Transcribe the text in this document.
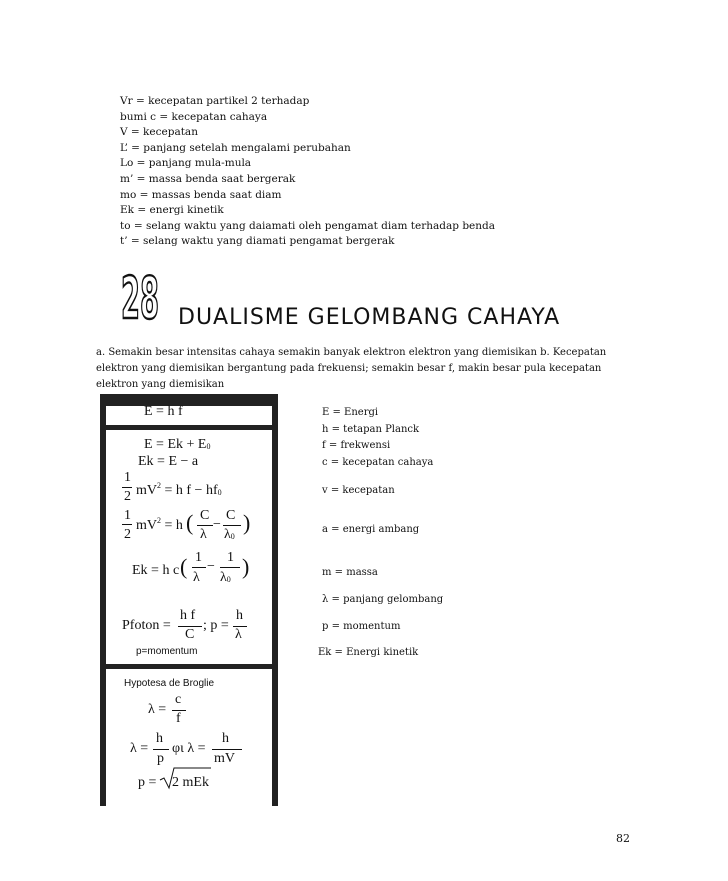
Vr = kecepatan partikel 2 terhadap
bumi c = kecepatan cahaya
V = kecepatan
L’ = panjang setelah mengalami perubahan
Lo = panjang mula-mula
m’ = massa benda saat bergerak
mo = massas benda saat diam
Ek = energi kinetik
to = selang waktu yang daiamati oleh pengamat diam terhadap benda
t’ = selang waktu yang diamati pengamat bergerak
28 DUALISME GELOMBANG CAHAYA
a. Semakin besar intensitas cahaya semakin banyak elektron elektron yang diemisikan b. Kecepatan elektron yang diemisikan bergantung pada frekuensi; semakin besar f, makin besar pula kecepatan elektron yang diemisikan
E = h f
E = Ek + E0
Ek = E − a
1
2 $mV^2 = h$ f − hf0
1
2
$mV^2 = h$ ( C C
−
λ λ0
)
Ek = h c ( 1 1
−
λ λ0
)
Pfoton =
h f
C
; p =
h
λ
p=momentum
Hypotesa de Broglie
λ =
c
f
λ =
h
p
φι λ =
h
mV
p = 2 mEk
E = Energi
h = tetapan Planck
f = frekwensi
c = kecepatan cahaya
v = kecepatan
a = energi ambang
m = massa
λ = panjang gelombang
p = momentum
Ek = Energi kinetik
82
